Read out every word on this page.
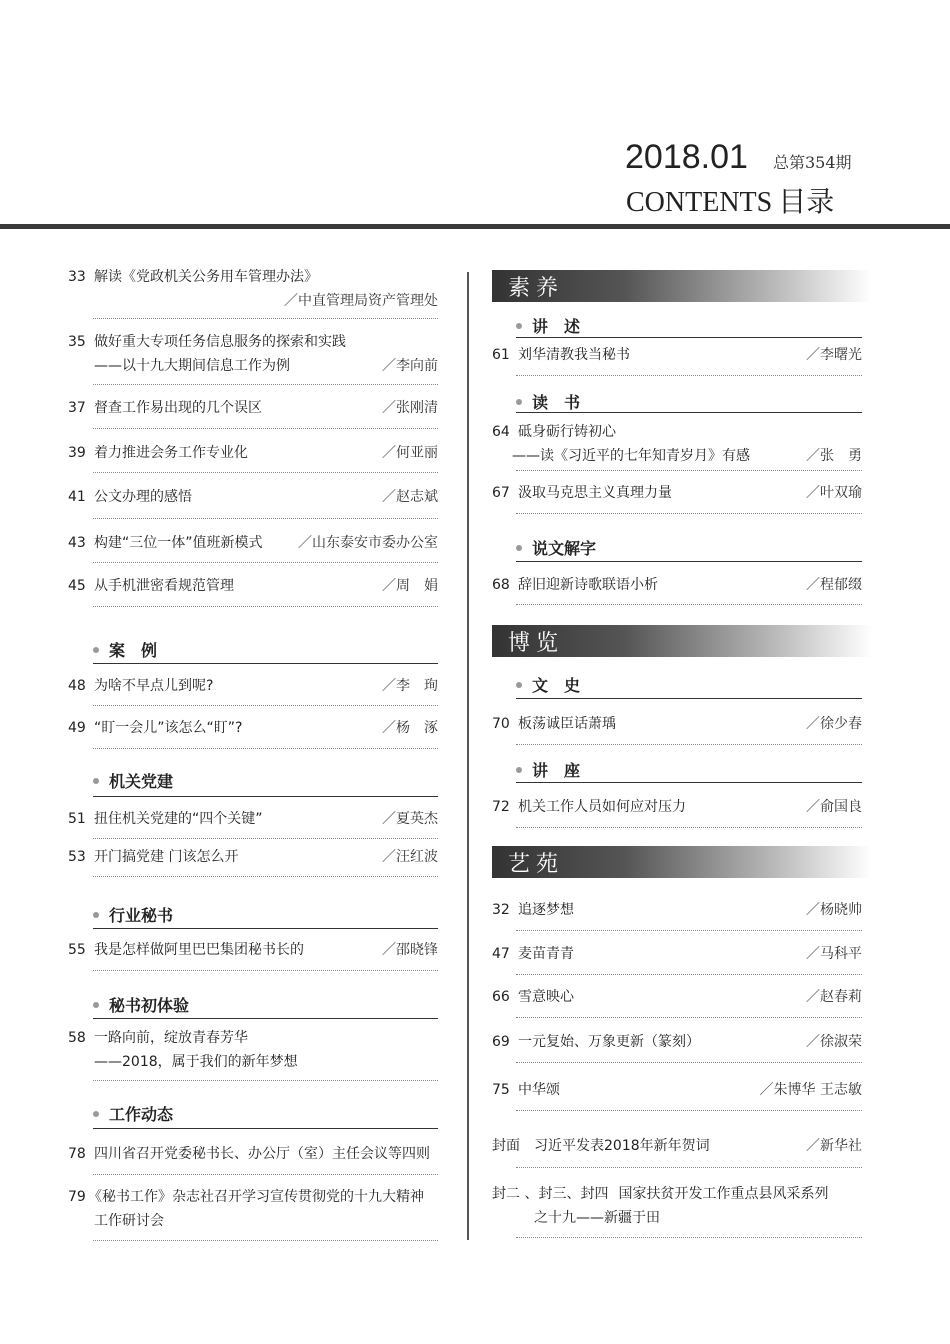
2018.01 总第354期
CONTENTS 目录
33 解读《党政机关公务用车管理办法》
／中直管理局资产管理处
35 做好重大专项任务信息服务的探索和实践
——以十九大期间信息工作为例	／李向前
37 督查工作易出现的几个误区	／张刚清
39 着力推进会务工作专业化	／何亚丽
41 公文办理的感悟	／赵志斌
43 构建“三位一体”值班新模式	／山东泰安市委办公室
45 从手机泄密看规范管理	／周　娟
案　例
48 为啥不早点儿到呢?	／李　珣
49 “盯一会儿”该怎么“盯”?	／杨　涿
机关党建
51 扭住机关党建的“四个关键”	／夏英杰
53 开门搞党建 门该怎么开	／汪红波
行业秘书
55 我是怎样做阿里巴巴集团秘书长的	／邵晓锋
秘书初体验
58 一路向前，绽放青春芳华
——2018，属于我们的新年梦想
工作动态
78 四川省召开党委秘书长、办公厅（室）主任会议等四则
79 《秘书工作》杂志社召开学习宣传贯彻党的十九大精神
工作研讨会
素养
讲　述
61 刘华清教我当秘书	／李曙光
读　书
64 砥身砺行铸初心
——读《习近平的七年知青岁月》有感	／张　勇
67 汲取马克思主义真理力量	／叶双瑜
说文解字
68 辞旧迎新诗歌联语小析	／程郁缀
博览
文　史
70 板荡诚臣话萧瑀	／徐少春
讲　座
72 机关工作人员如何应对压力	／俞国良
艺苑
32 追逐梦想	／杨晓帅
47 麦苗青青	／马科平
66 雪意映心	／赵春莉
69 一元复始、万象更新（篆刻）	／徐淑荣
75 中华颂	／朱博华 王志敏
封面 习近平发表2018年新年贺词	／新华社
封二 、封三、封四 国家扶贫开发工作重点县风采系列
之十九——新疆于田
